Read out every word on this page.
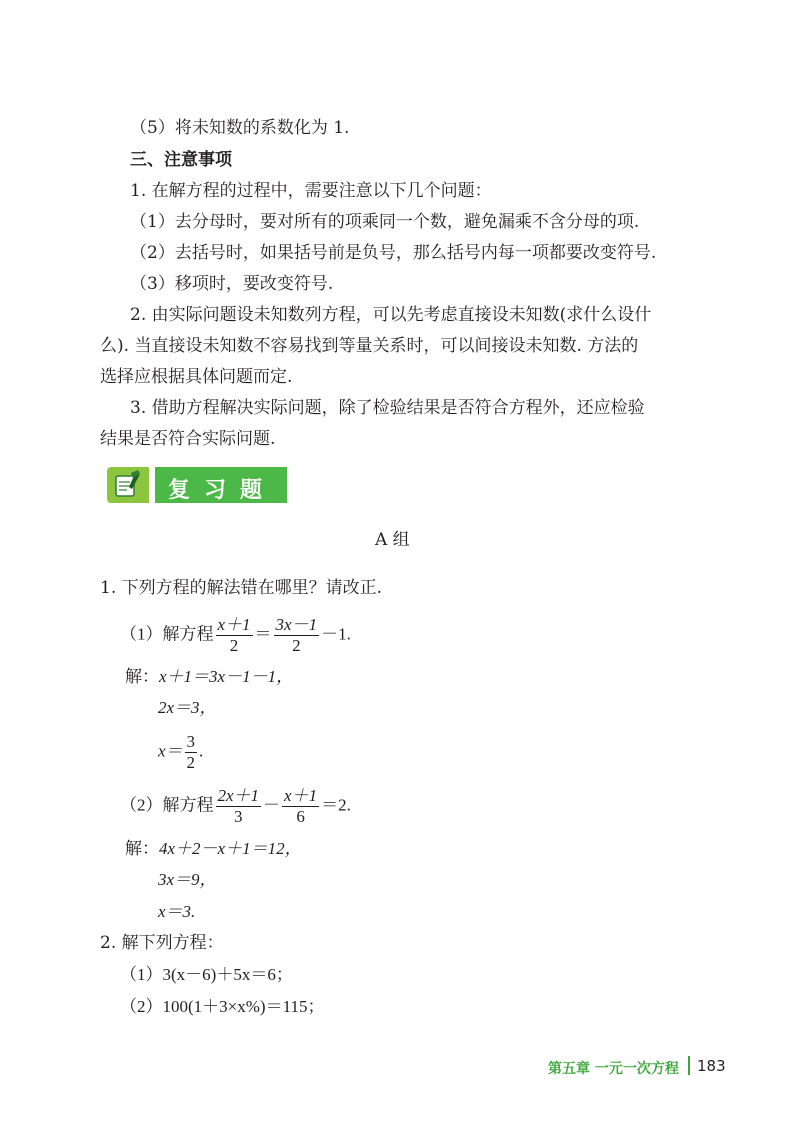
（5）将未知数的系数化为 1.
三、注意事项
1. 在解方程的过程中，需要注意以下几个问题：
（1）去分母时，要对所有的项乘同一个数，避免漏乘不含分母的项.
（2）去括号时，如果括号前是负号，那么括号内每一项都要改变符号.
（3）移项时，要改变符号.
2. 由实际问题设未知数列方程，可以先考虑直接设未知数(求什么设什
么). 当直接设未知数不容易找到等量关系时，可以间接设未知数. 方法的
选择应根据具体问题而定.
3. 借助方程解决实际问题，除了检验结果是否符合方程外，还应检验
结果是否符合实际问题.
复习题
A 组
1. 下列方程的解法错在哪里？请改正.
（1）解方程 $\frac{x+1}{2} = \frac{3x-1}{2} -1$.
解：x＋1＝3x－1－1，
2x＝3，
$x= \frac{3}{2}$ .
（2）解方程 $\frac{2x+1}{3} - \frac{x+1}{6} =2$.
解：4x＋2－x＋1＝12，
3x＝9，
x＝3.
2. 解下列方程：
（1）3(x－6)＋5x＝6；
（2）100(1＋3×x%)＝115；
第五章 一元一次方程 183
